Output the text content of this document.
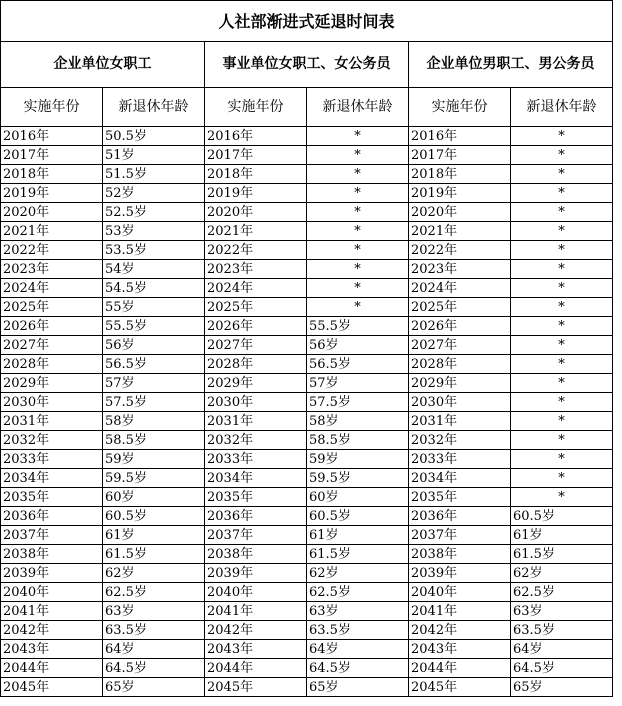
人社部渐进式延退时间表					
企业单位女职工		事业单位女职工、女公务员		企业单位男职工、男公务员	
实施年份	新退休年龄	实施年份	新退休年龄	实施年份	新退休年龄
2016年	50.5岁	2016年	*	2016年	*
2017年	51岁	2017年	*	2017年	*
2018年	51.5岁	2018年	*	2018年	*
2019年	52岁	2019年	*	2019年	*
2020年	52.5岁	2020年	*	2020年	*
2021年	53岁	2021年	*	2021年	*
2022年	53.5岁	2022年	*	2022年	*
2023年	54岁	2023年	*	2023年	*
2024年	54.5岁	2024年	*	2024年	*
2025年	55岁	2025年	*	2025年	*
2026年	55.5岁	2026年	55.5岁	2026年	*
2027年	56岁	2027年	56岁	2027年	*
2028年	56.5岁	2028年	56.5岁	2028年	*
2029年	57岁	2029年	57岁	2029年	*
2030年	57.5岁	2030年	57.5岁	2030年	*
2031年	58岁	2031年	58岁	2031年	*
2032年	58.5岁	2032年	58.5岁	2032年	*
2033年	59岁	2033年	59岁	2033年	*
2034年	59.5岁	2034年	59.5岁	2034年	*
2035年	60岁	2035年	60岁	2035年	*
2036年	60.5岁	2036年	60.5岁	2036年	60.5岁
2037年	61岁	2037年	61岁	2037年	61岁
2038年	61.5岁	2038年	61.5岁	2038年	61.5岁
2039年	62岁	2039年	62岁	2039年	62岁
2040年	62.5岁	2040年	62.5岁	2040年	62.5岁
2041年	63岁	2041年	63岁	2041年	63岁
2042年	63.5岁	2042年	63.5岁	2042年	63.5岁
2043年	64岁	2043年	64岁	2043年	64岁
2044年	64.5岁	2044年	64.5岁	2044年	64.5岁
2045年	65岁	2045年	65岁	2045年	65岁
